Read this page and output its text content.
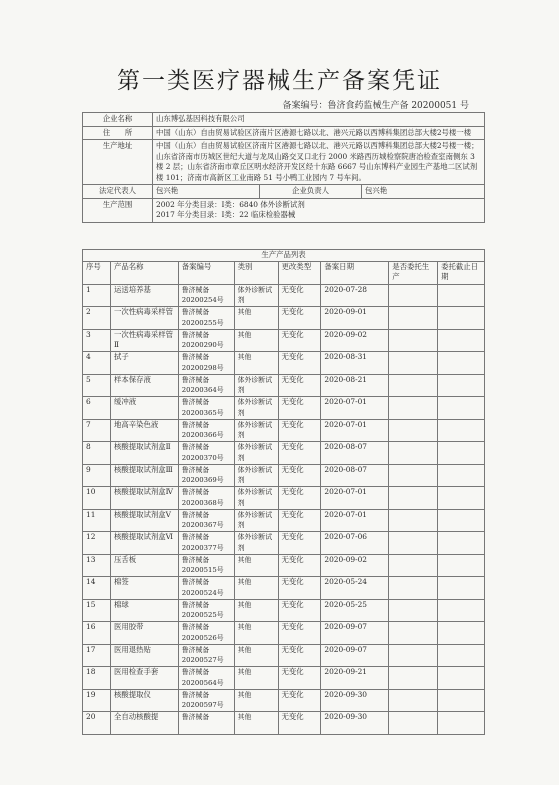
第一类医疗器械生产备案凭证
备案编号：鲁济食药监械生产备 20200051 号
企业名称	山东博弘基因科技有限公司		
住　　所	中国（山东）自由贸易试验区济南片区港源七路以北、港兴元路以西博科集团总部大楼2号楼一楼		
生产地址	中国（山东）自由贸易试验区济南片区港源七路以北、港兴元路以西博科集团总部大楼2号楼一楼；山东省济南市历城区世纪大道与龙凤山路交叉口北行 2000 米路西历城检察院唐冶检查室南侧东 3 楼 2 层；山东省济南市章丘区明水经济开发区经十东路 6667 号山东博科产业园生产基地二区试剂楼 101；济南市高新区工业南路 51 号小鸭工业园内 7 号车间。		
法定代表人	包兴艳	企业负责人	包兴艳
生产范围	2002 年分类目录：Ⅰ类：6840 体外诊断试剂
2017 年分类目录：Ⅰ类：22 临床检验器械		
生产产品列表							
序号	产品名称	备案编号	类别	更改类型	备案日期	是否委托生产	委托截止日期
1	运送培养基	鲁济械备20200254号	体外诊断试剂	无变化	2020-07-28		
2	一次性病毒采样管	鲁济械备20200255号	其他	无变化	2020-09-01		
3	一次性病毒采样管Ⅱ	鲁济械备20200290号	其他	无变化	2020-09-02		
4	拭子	鲁济械备20200298号	其他	无变化	2020-08-31		
5	样本保存液	鲁济械备20200364号	体外诊断试剂	无变化	2020-08-21		
6	缓冲液	鲁济械备20200365号	体外诊断试剂	无变化	2020-07-01		
7	地高辛染色液	鲁济械备20200366号	体外诊断试剂	无变化	2020-07-01		
8	核酸提取试剂盒Ⅱ	鲁济械备20200370号	体外诊断试剂	无变化	2020-08-07		
9	核酸提取试剂盒Ⅲ	鲁济械备20200369号	体外诊断试剂	无变化	2020-08-07		
10	核酸提取试剂盒Ⅳ	鲁济械备20200368号	体外诊断试剂	无变化	2020-07-01		
11	核酸提取试剂盒Ⅴ	鲁济械备20200367号	体外诊断试剂	无变化	2020-07-01		
12	核酸提取试剂盒Ⅵ	鲁济械备20200377号	体外诊断试剂	无变化	2020-07-06		
13	压舌板	鲁济械备20200515号	其他	无变化	2020-09-02		
14	棉签	鲁济械备20200524号	其他	无变化	2020-05-24		
15	棉球	鲁济械备20200525号	其他	无变化	2020-05-25		
16	医用胶带	鲁济械备20200526号	其他	无变化	2020-09-07		
17	医用退热贴	鲁济械备20200527号	其他	无变化	2020-09-07		
18	医用检查手套	鲁济械备20200564号	其他	无变化	2020-09-21		
19	核酸提取仪	鲁济械备20200597号	其他	无变化	2020-09-30		
20	全自动核酸提	鲁济械备	其他	无变化	2020-09-30		
